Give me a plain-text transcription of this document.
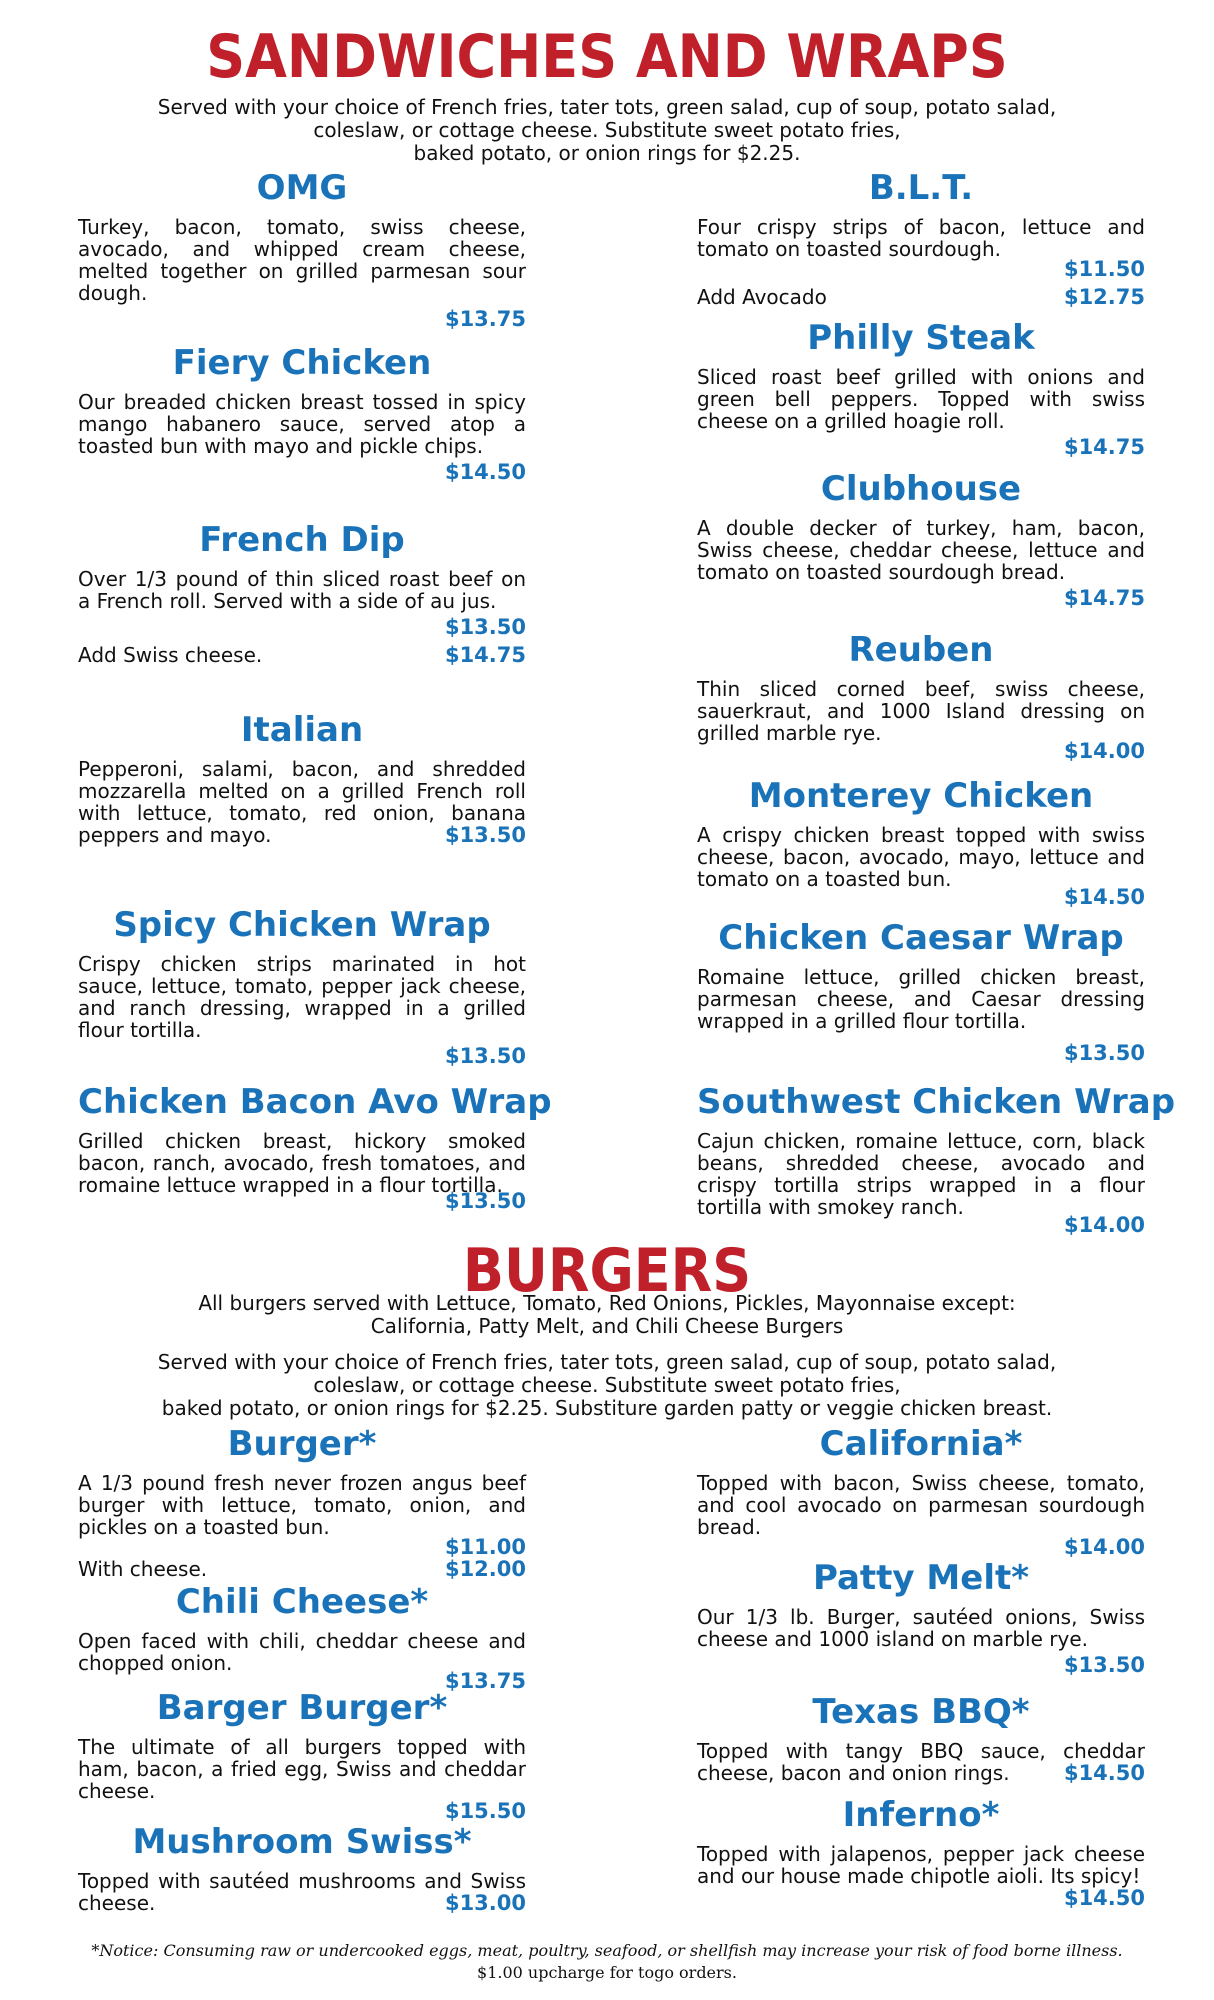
SANDWICHES AND WRAPS
Served with your choice of French fries, tater tots, green salad, cup of soup, potato salad,
coleslaw, or cottage cheese. Substitute sweet potato fries,
baked potato, or onion rings for $2.25.
OMG

Turkey, bacon, tomato, swiss cheese, avocado, and whipped cream cheese, melted together on grilled parmesan sour dough.

$13.75
Fiery Chicken

Our breaded chicken breast tossed in spicy mango habanero sauce, served atop a toasted bun with mayo and pickle chips.

$14.50
French Dip

Over 1/3 pound of thin sliced roast beef on a French roll. Served with a side of au jus.

$13.50
Add Swiss cheese.	$14.75
Italian

Pepperoni, salami, bacon, and shredded mozzarella melted on a grilled French roll with lettuce, tomato, red onion, banana peppers and mayo.	$13.50
Spicy Chicken Wrap

Crispy chicken strips marinated in hot sauce, lettuce, tomato, pepper jack cheese, and ranch dressing, wrapped in a grilled flour tortilla.

$13.50
Chicken Bacon Avo Wrap

Grilled chicken breast, hickory smoked bacon, ranch, avocado, fresh tomatoes, and romaine lettuce wrapped in a flour tortilla.

$13.50
B.L.T.

Four crispy strips of bacon, lettuce and tomato on toasted sourdough.

$11.50
Add Avocado	$12.75
Philly Steak

Sliced roast beef grilled with onions and green bell peppers. Topped with swiss cheese on a grilled hoagie roll.

$14.75
Clubhouse

A double decker of turkey, ham, bacon, Swiss cheese, cheddar cheese, lettuce and tomato on toasted sourdough bread.

$14.75
Reuben

Thin sliced corned beef, swiss cheese, sauerkraut, and 1000 Island dressing on grilled marble rye.

$14.00
Monterey Chicken

A crispy chicken breast topped with swiss cheese, bacon, avocado, mayo, lettuce and tomato on a toasted bun.

$14.50
Chicken Caesar Wrap

Romaine lettuce, grilled chicken breast, parmesan cheese, and Caesar dressing wrapped in a grilled flour tortilla.

$13.50
Southwest Chicken Wrap

Cajun chicken, romaine lettuce, corn, black beans, shredded cheese, avocado and crispy tortilla strips wrapped in a flour tortilla with smokey ranch.

$14.00
BURGERS
All burgers served with Lettuce, Tomato, Red Onions, Pickles, Mayonnaise except:
California, Patty Melt, and Chili Cheese Burgers
Served with your choice of French fries, tater tots, green salad, cup of soup, potato salad,
coleslaw, or cottage cheese. Substitute sweet potato fries,
baked potato, or onion rings for $2.25. Substiture garden patty or veggie chicken breast.
Burger*

A 1/3 pound fresh never frozen angus beef burger with lettuce, tomato, onion, and pickles on a toasted bun.

$11.00
With cheese.	$12.00
Chili Cheese*

Open faced with chili, cheddar cheese and chopped onion.

$13.75
Barger Burger*

The ultimate of all burgers topped with ham, bacon, a fried egg, Swiss and cheddar cheese.

$15.50
Mushroom Swiss*

Topped with sautéed mushrooms and Swiss cheese.	$13.00
California*

Topped with bacon, Swiss cheese, tomato, and cool avocado on parmesan sourdough bread.

$14.00
Patty Melt*

Our 1/3 lb. Burger, sautéed onions, Swiss cheese and 1000 island on marble rye.

$13.50
Texas BBQ*

Topped with tangy BBQ sauce, cheddar cheese, bacon and onion rings.	$14.50
Inferno*

Topped with jalapenos, pepper jack cheese and our house made chipotle aioli. Its spicy!

$14.50
*Notice: Consuming raw or undercooked eggs, meat, poultry, seafood, or shellfish may increase your risk of food borne illness.
$1.00 upcharge for togo orders.
